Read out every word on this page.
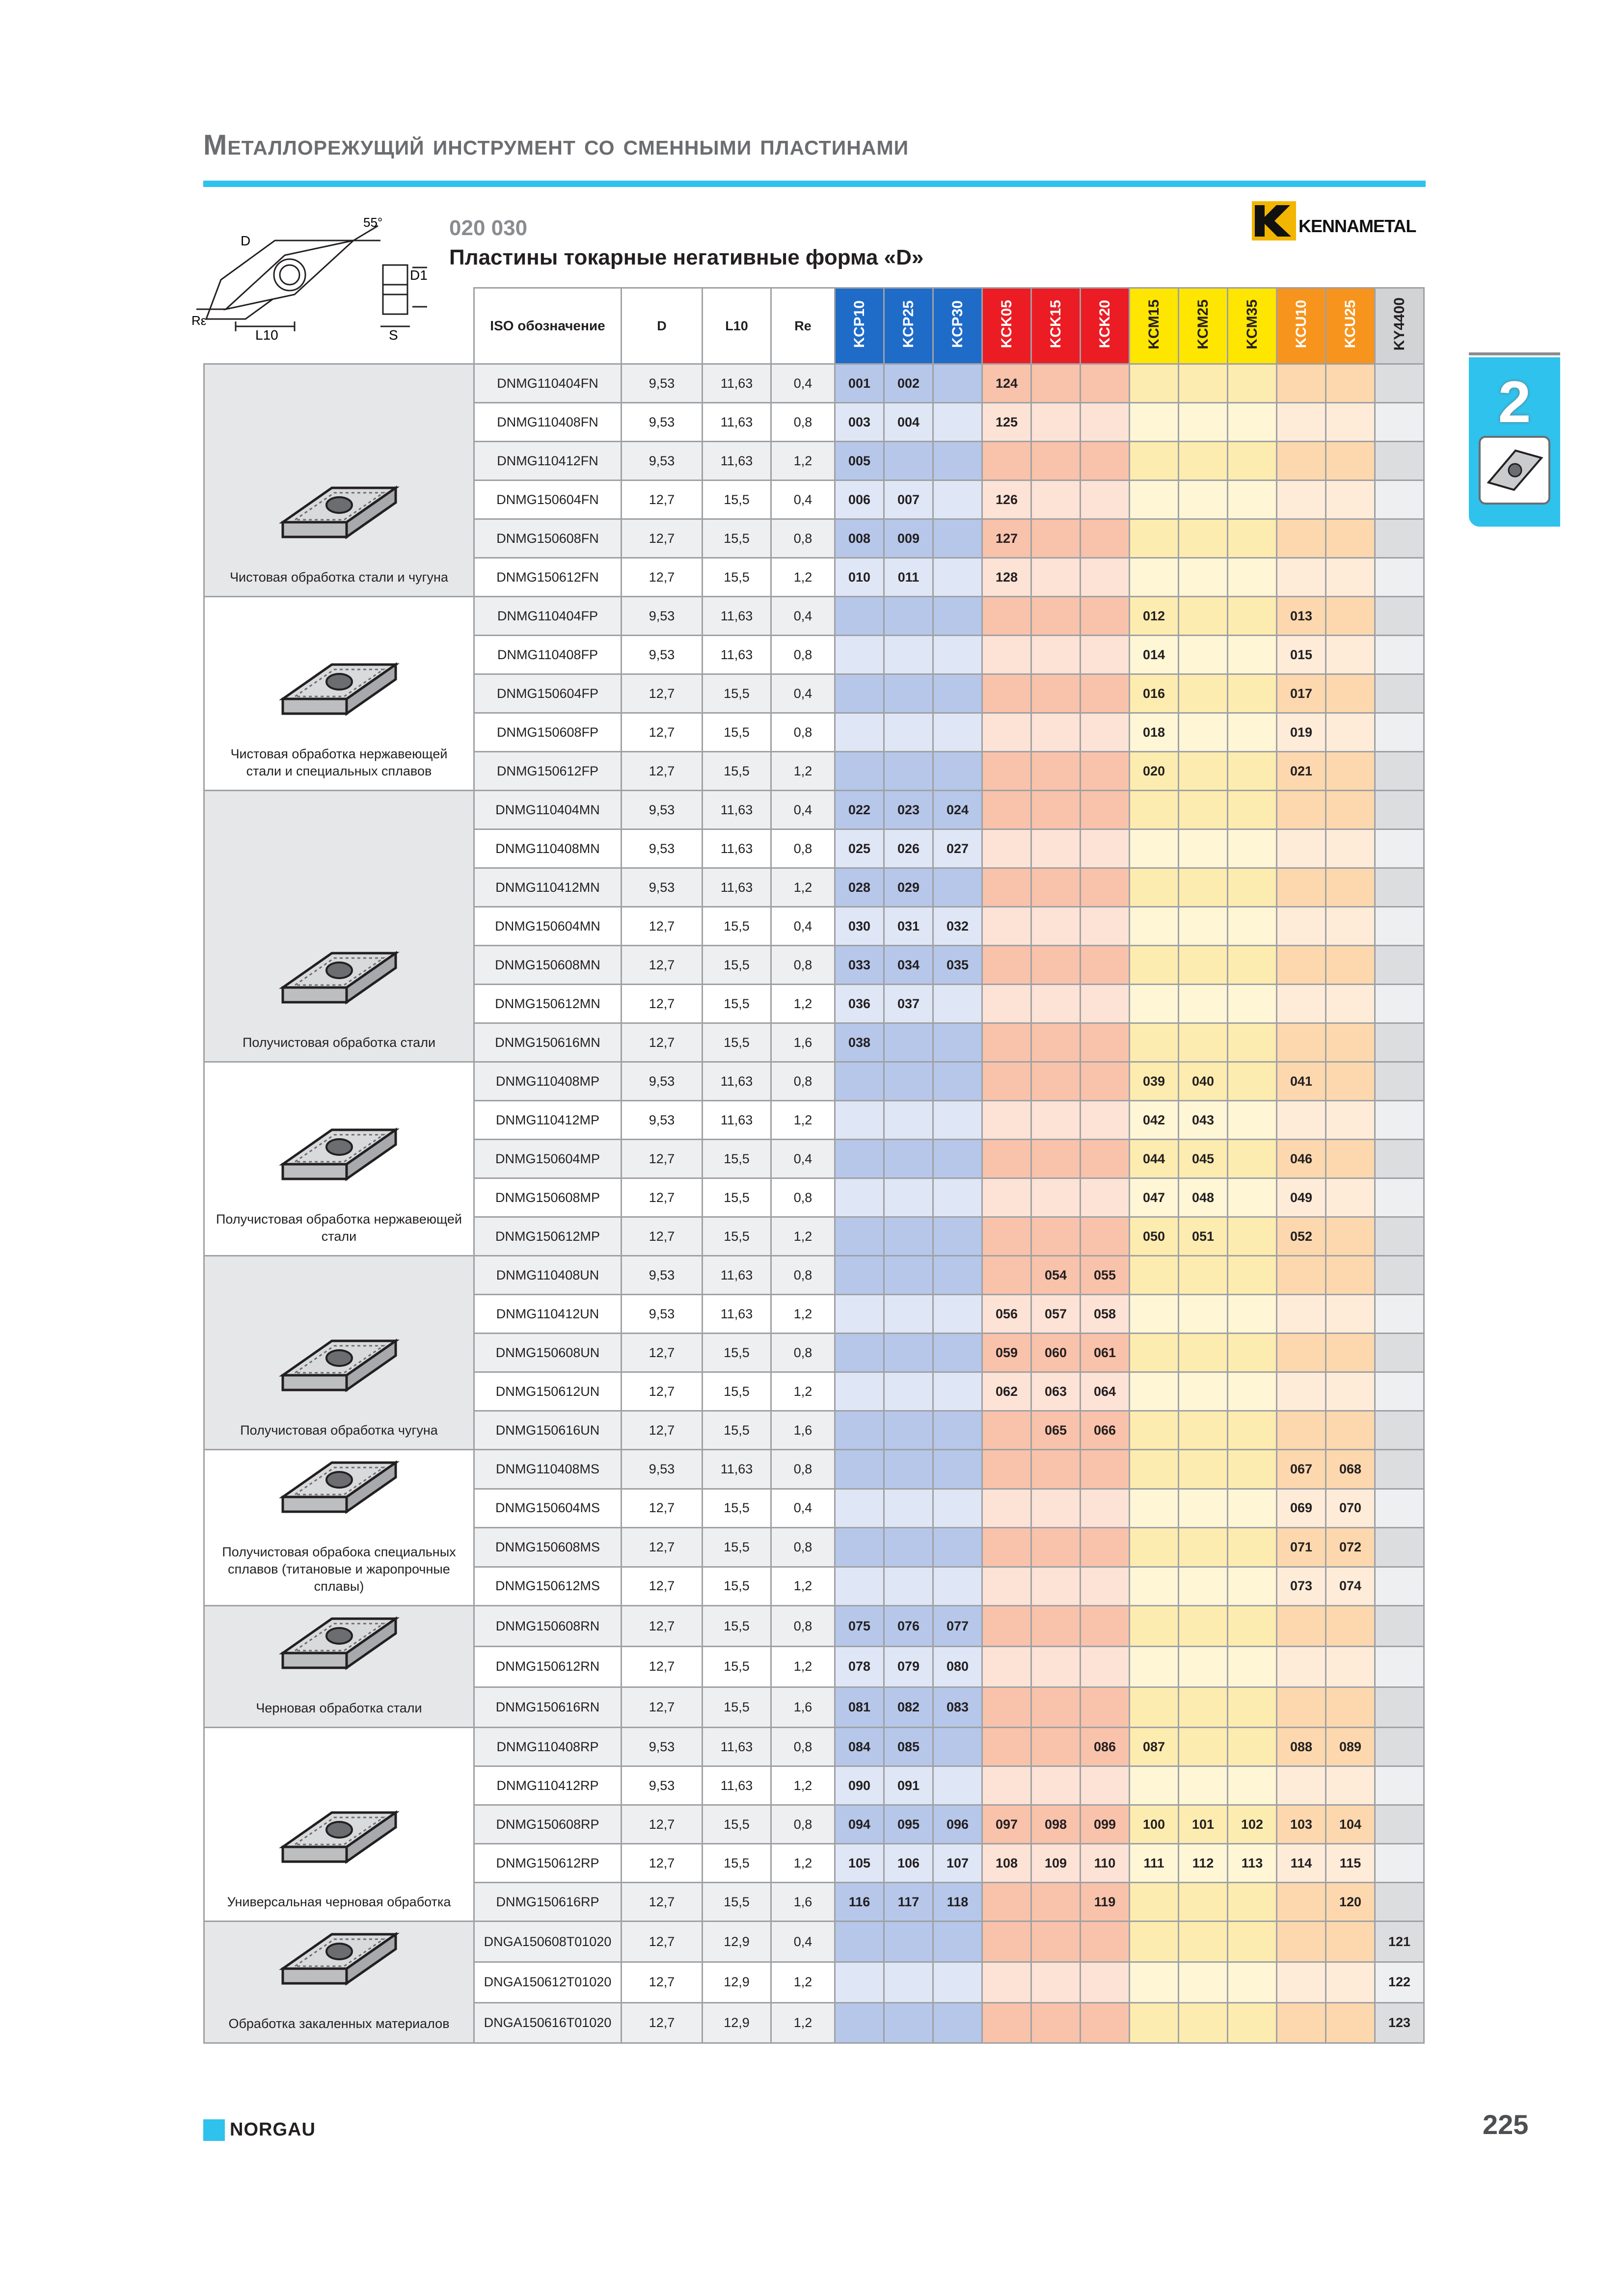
Металлорежущий инструмент со сменными пластинами
55°
D
D1
Rε
L10	S
020 030
Пластины токарные негативные форма «D»
KENNAMETAL
2
	ISO обозначение	D	L10	Re	KCP10	KCP25	KCP30	KCK05	KCK15	KCK20	KCM15	KCM25	KCM35	KCU10	KCU25	KY4400

Чистовая обработка стали и чугуна	DNMG110404FN	9,53	11,63	0,4	001	002		124								
	DNMG110408FN	9,53	11,63	0,8	003	004		125								
	DNMG110412FN	9,53	11,63	1,2	005											
	DNMG150604FN	12,7	15,5	0,4	006	007		126								
	DNMG150608FN	12,7	15,5	0,8	008	009		127								
	DNMG150612FN	12,7	15,5	1,2	010	011		128								

Чистовая обработка нержавеющей стали и специальных сплавов	DNMG110404FP	9,53	11,63	0,4							012			013		
	DNMG110408FP	9,53	11,63	0,8							014			015		
	DNMG150604FP	12,7	15,5	0,4							016			017		
	DNMG150608FP	12,7	15,5	0,8							018			019		
	DNMG150612FP	12,7	15,5	1,2							020			021		

Получистовая обработка стали	DNMG110404MN	9,53	11,63	0,4	022	023	024									
	DNMG110408MN	9,53	11,63	0,8	025	026	027									
	DNMG110412MN	9,53	11,63	1,2	028	029										
	DNMG150604MN	12,7	15,5	0,4	030	031	032									
	DNMG150608MN	12,7	15,5	0,8	033	034	035									
	DNMG150612MN	12,7	15,5	1,2	036	037										
	DNMG150616MN	12,7	15,5	1,6	038											

Получистовая обработка нержавеющей стали	DNMG110408MP	9,53	11,63	0,8							039	040		041		
	DNMG110412MP	9,53	11,63	1,2							042	043				
	DNMG150604MP	12,7	15,5	0,4							044	045		046		
	DNMG150608MP	12,7	15,5	0,8							047	048		049		
	DNMG150612MP	12,7	15,5	1,2							050	051		052		

Получистовая обработка чугуна	DNMG110408UN	9,53	11,63	0,8					054	055						
	DNMG110412UN	9,53	11,63	1,2				056	057	058						
	DNMG150608UN	12,7	15,5	0,8				059	060	061						
	DNMG150612UN	12,7	15,5	1,2				062	063	064						
	DNMG150616UN	12,7	15,5	1,6					065	066						

Получистовая обрабока специальных сплавов (титановые и жаропрочные сплавы)	DNMG110408MS	9,53	11,63	0,8										067	068	
	DNMG150604MS	12,7	15,5	0,4										069	070	
	DNMG150608MS	12,7	15,5	0,8										071	072	
	DNMG150612MS	12,7	15,5	1,2										073	074	

Черновая обработка стали	DNMG150608RN	12,7	15,5	0,8	075	076	077									
	DNMG150612RN	12,7	15,5	1,2	078	079	080									
	DNMG150616RN	12,7	15,5	1,6	081	082	083									

Универсальная черновая обработка	DNMG110408RP	9,53	11,63	0,8	084	085				086	087			088	089	
	DNMG110412RP	9,53	11,63	1,2	090	091										
	DNMG150608RP	12,7	15,5	0,8	094	095	096	097	098	099	100	101	102	103	104	
	DNMG150612RP	12,7	15,5	1,2	105	106	107	108	109	110	111	112	113	114	115	
	DNMG150616RP	12,7	15,5	1,6	116	117	118			119					120	

Обработка закаленных материалов	DNGA150608T01020	12,7	12,9	0,4												121
	DNGA150612T01020	12,7	12,9	1,2												122
	DNGA150616T01020	12,7	12,9	1,2												123
NORGAU	225
